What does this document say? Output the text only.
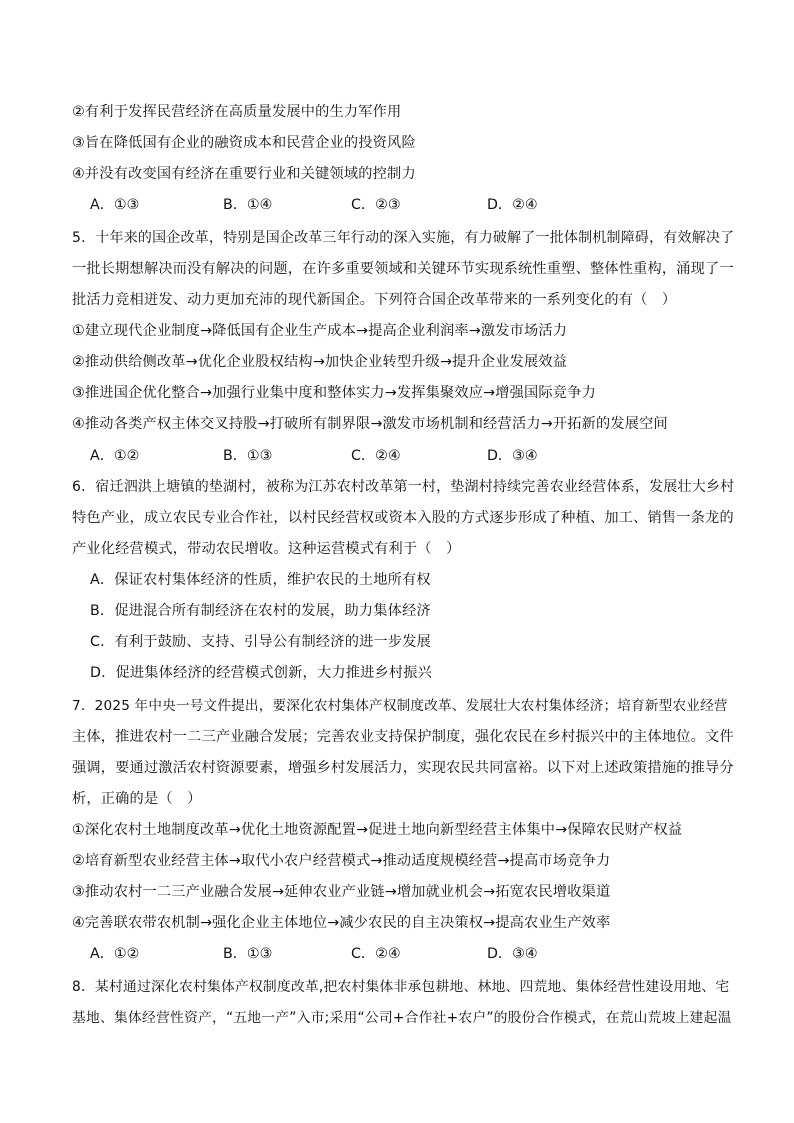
②有利于发挥民营经济在高质量发展中的生力军作用
③旨在降低国有企业的融资成本和民营企业的投资风险
④并没有改变国有经济在重要行业和关键领域的控制力
A．①③	B．①④	C．②③	D．②④
5．十年来的国企改革，特别是国企改革三年行动的深入实施，有力破解了一批体制机制障碍，有效解决了
一批长期想解决而没有解决的问题，在许多重要领域和关键环节实现系统性重塑、整体性重构，涌现了一
批活力竞相迸发、动力更加充沛的现代新国企。下列符合国企改革带来的一系列变化的有（　）
①建立现代企业制度→降低国有企业生产成本→提高企业利润率→激发市场活力
②推动供给侧改革→优化企业股权结构→加快企业转型升级→提升企业发展效益
③推进国企优化整合→加强行业集中度和整体实力→发挥集聚效应→增强国际竞争力
④推动各类产权主体交叉持股→打破所有制界限→激发市场机制和经营活力→开拓新的发展空间
A．①②	B．①③	C．②④	D．③④
6．宿迁泗洪上塘镇的垫湖村，被称为江苏农村改革第一村，垫湖村持续完善农业经营体系，发展壮大乡村
特色产业，成立农民专业合作社，以村民经营权或资本入股的方式逐步形成了种植、加工、销售一条龙的
产业化经营模式，带动农民增收。这种运营模式有利于（　）
A．保证农村集体经济的性质，维护农民的土地所有权
B．促进混合所有制经济在农村的发展，助力集体经济
C．有利于鼓励、支持、引导公有制经济的进一步发展
D．促进集体经济的经营模式创新，大力推进乡村振兴
7．2025 年中央一号文件提出，要深化农村集体产权制度改革、发展壮大农村集体经济；培育新型农业经营
主体，推进农村一二三产业融合发展；完善农业支持保护制度，强化农民在乡村振兴中的主体地位。文件
强调，要通过激活农村资源要素，增强乡村发展活力，实现农民共同富裕。以下对上述政策措施的推导分
析，正确的是（　）
①深化农村土地制度改革→优化土地资源配置→促进土地向新型经营主体集中→保障农民财产权益
②培育新型农业经营主体→取代小农户经营模式→推动适度规模经营→提高市场竞争力
③推动农村一二三产业融合发展→延伸农业产业链→增加就业机会→拓宽农民增收渠道
④完善联农带农机制→强化企业主体地位→减少农民的自主决策权→提高农业生产效率
A．①②	B．①③	C．②④	D．③④
8．某村通过深化农村集体产权制度改革,把农村集体非承包耕地、林地、四荒地、集体经营性建设用地、宅
基地、集体经营性资产，“五地一产”入市;采用“公司+合作社+农户”的股份合作模式，在荒山荒坡上建起温
